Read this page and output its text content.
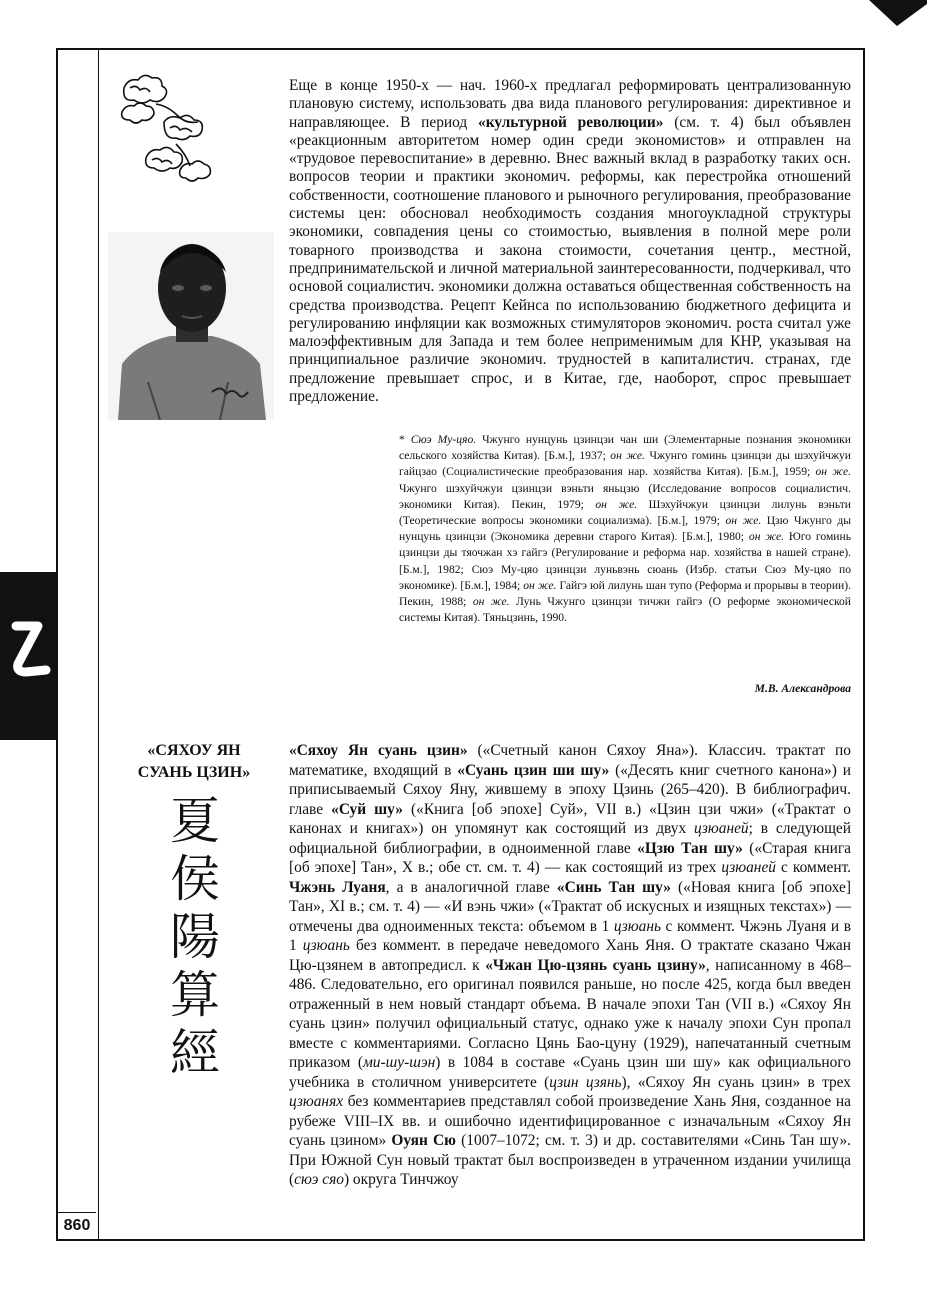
860

Еще в конце 1950-х — нач. 1960-х предлагал реформировать централизованную плановую систему, использовать два вида планового регулирования: директивное и направляющее. В период «культурной революции» (см. т. 4) был объявлен «реакционным авторитетом номер один среди экономистов» и отправлен на «трудовое перевоспитание» в деревню. Внес важный вклад в разработку таких осн. вопросов теории и практики экономич. реформы, как перестройка отношений собственности, соотношение планового и рыночного регулирования, преобразование системы цен: обосновал необходимость создания многоукладной структуры экономики, совпадения цены со стоимостью, выявления в полной мере роли товарного производства и закона стоимости, сочетания центр., местной, предпринимательской и личной материальной заинтересованности, подчеркивал, что основой социалистич. экономики должна оставаться общественная собственность на средства производства. Рецепт Кейнса по использованию бюджетного дефицита и регулированию инфляции как возможных стимуляторов экономич. роста считал уже малоэффективным для Запада и тем более неприменимым для КНР, указывая на принципиальное различие экономич. трудностей в капиталистич. странах, где предложение превышает спрос, и в Китае, где, наоборот, спрос превышает предложение.

* Сюэ Му-цяо. Чжунго нунцунь цзинцзи чан ши (Элементарные познания экономики сельского хозяйства Китая). [Б.м.], 1937; он же. Чжунго гоминь цзинцзи ды шэхуйчжуи гайцзао (Социалистические преобразования нар. хозяйства Китая). [Б.м.], 1959; он же. Чжунго шэхуйчжуи цзинцзи вэньти яньцзю (Исследование вопросов социалистич. экономики Китая). Пекин, 1979; он же. Шэхуйчжуи цзинцзи лилунь вэньти (Теоретические вопросы экономики социализма). [Б.м.], 1979; он же. Цзю Чжунго ды нунцунь цзинцзи (Экономика деревни старого Китая). [Б.м.], 1980; он же. Юго гоминь цзинцзи ды тяочжан хэ гайгэ (Регулирование и реформа нар. хозяйства в нашей стране). [Б.м.], 1982; Сюэ Му-цяо цзинцзи луньвэнь сюань (Избр. статьи Сюэ Му-цяо по экономике). [Б.м.], 1984; он же. Гайгэ юй лилунь шан тупо (Реформа и прорывы в теории). Пекин, 1988; он же. Лунь Чжунго цзинцзи тичжи гайгэ (О реформе экономической системы Китая). Тяньцзинь, 1990.

М.В. Александрова
«СЯХОУ ЯН
СУАНЬ ЦЗИН»
夏
侯
陽
算
經

«Сяхоу Ян суань цзин» («Счетный канон Сяхоу Яна»). Классич. трактат по математике, входящий в «Суань цзин ши шу» («Десять книг счетного канона») и приписываемый Сяхоу Яну, жившему в эпоху Цзинь (265–420). В библиографич. главе «Суй шу» («Книга [об эпохе] Суй», VII в.) «Цзин цзи чжи» («Трактат о канонах и книгах») он упомянут как состоящий из двух цзюаней; в следующей официальной библиографии, в одноименной главе «Цзю Тан шу» («Старая книга [об эпохе] Тан», X в.; обе ст. см. т. 4) — как состоящий из трех цзюаней с коммент. Чжэнь Луаня, а в аналогичной главе «Синь Тан шу» («Новая книга [об эпохе] Тан», XI в.; см. т. 4) — «И вэнь чжи» («Трактат об искусных и изящных текстах») — отмечены два одноименных текста: объемом в 1 цзюань с коммент. Чжэнь Луаня и в 1 цзюань без коммент. в передаче неведомого Хань Яня. О трактате сказано Чжан Цю-цзянем в автопредисл. к «Чжан Цю-цзянь суань цзину», написанному в 468–486. Следовательно, его оригинал появился раньше, но после 425, когда был введен отраженный в нем новый стандарт объема. В начале эпохи Тан (VII в.) «Сяхоу Ян суань цзин» получил официальный статус, однако уже к началу эпохи Сун пропал вместе с комментариями. Согласно Цянь Бао-цуну (1929), напечатанный счетным приказом (ми-шу-шэн) в 1084 в составе «Суань цзин ши шу» как официального учебника в столичном университете (цзин цзянь), «Сяхоу Ян суань цзин» в трех цзюанях без комментариев представлял собой произведение Хань Яня, созданное на рубеже VIII–IX вв. и ошибочно идентифицированное с изначальным «Сяхоу Ян суань цзином» Оуян Сю (1007–1072; см. т. 3) и др. составителями «Синь Тан шу». При Южной Сун новый трактат был воспроизведен в утраченном издании училища (сюэ сяо) округа Тинчжоу
